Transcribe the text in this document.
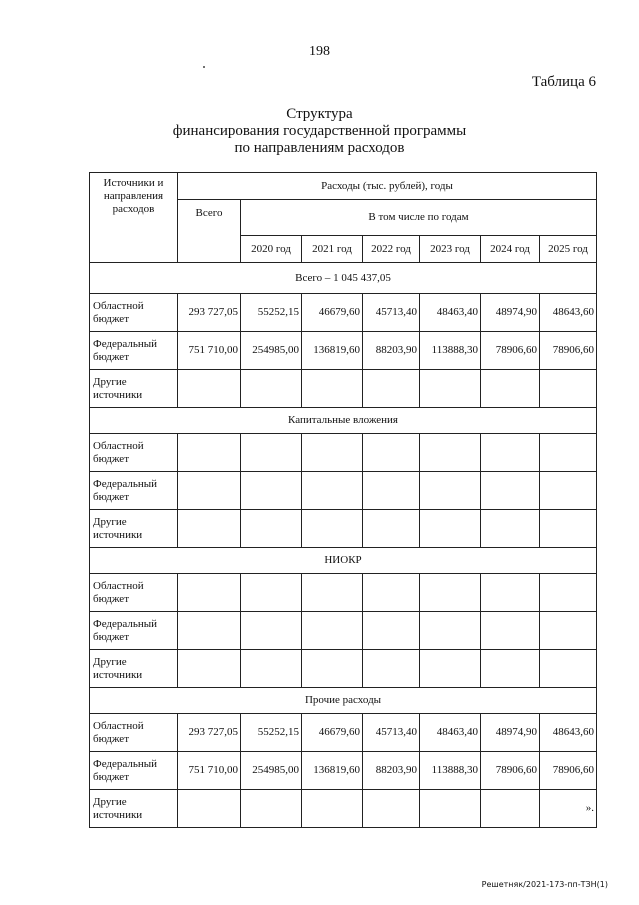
198
Таблица 6
Структура
финансирования государственной программы
по направлениям расходов
Источники и направления расходов	Расходы (тыс. рублей), годы						
	Всего	В том числе по годам					
		2020 год	2021 год	2022 год	2023 год	2024 год	2025 год
Всего – 1 045 437,05							
Областной бюджет	293 727,05	55252,15	46679,60	45713,40	48463,40	48974,90	48643,60
Федеральный бюджет	751 710,00	254985,00	136819,60	88203,90	113888,30	78906,60	78906,60
Другие источники							
Капитальные вложения							
Областной бюджет							
Федеральный бюджет							
Другие источники							
НИОКР							
Областной бюджет							
Федеральный бюджет							
Другие источники							
Прочие расходы							
Областной бюджет	293 727,05	55252,15	46679,60	45713,40	48463,40	48974,90	48643,60
Федеральный бюджет	751 710,00	254985,00	136819,60	88203,90	113888,30	78906,60	78906,60
Другие источники							».
Решетняк/2021-173-пп-ТЗН(1)
